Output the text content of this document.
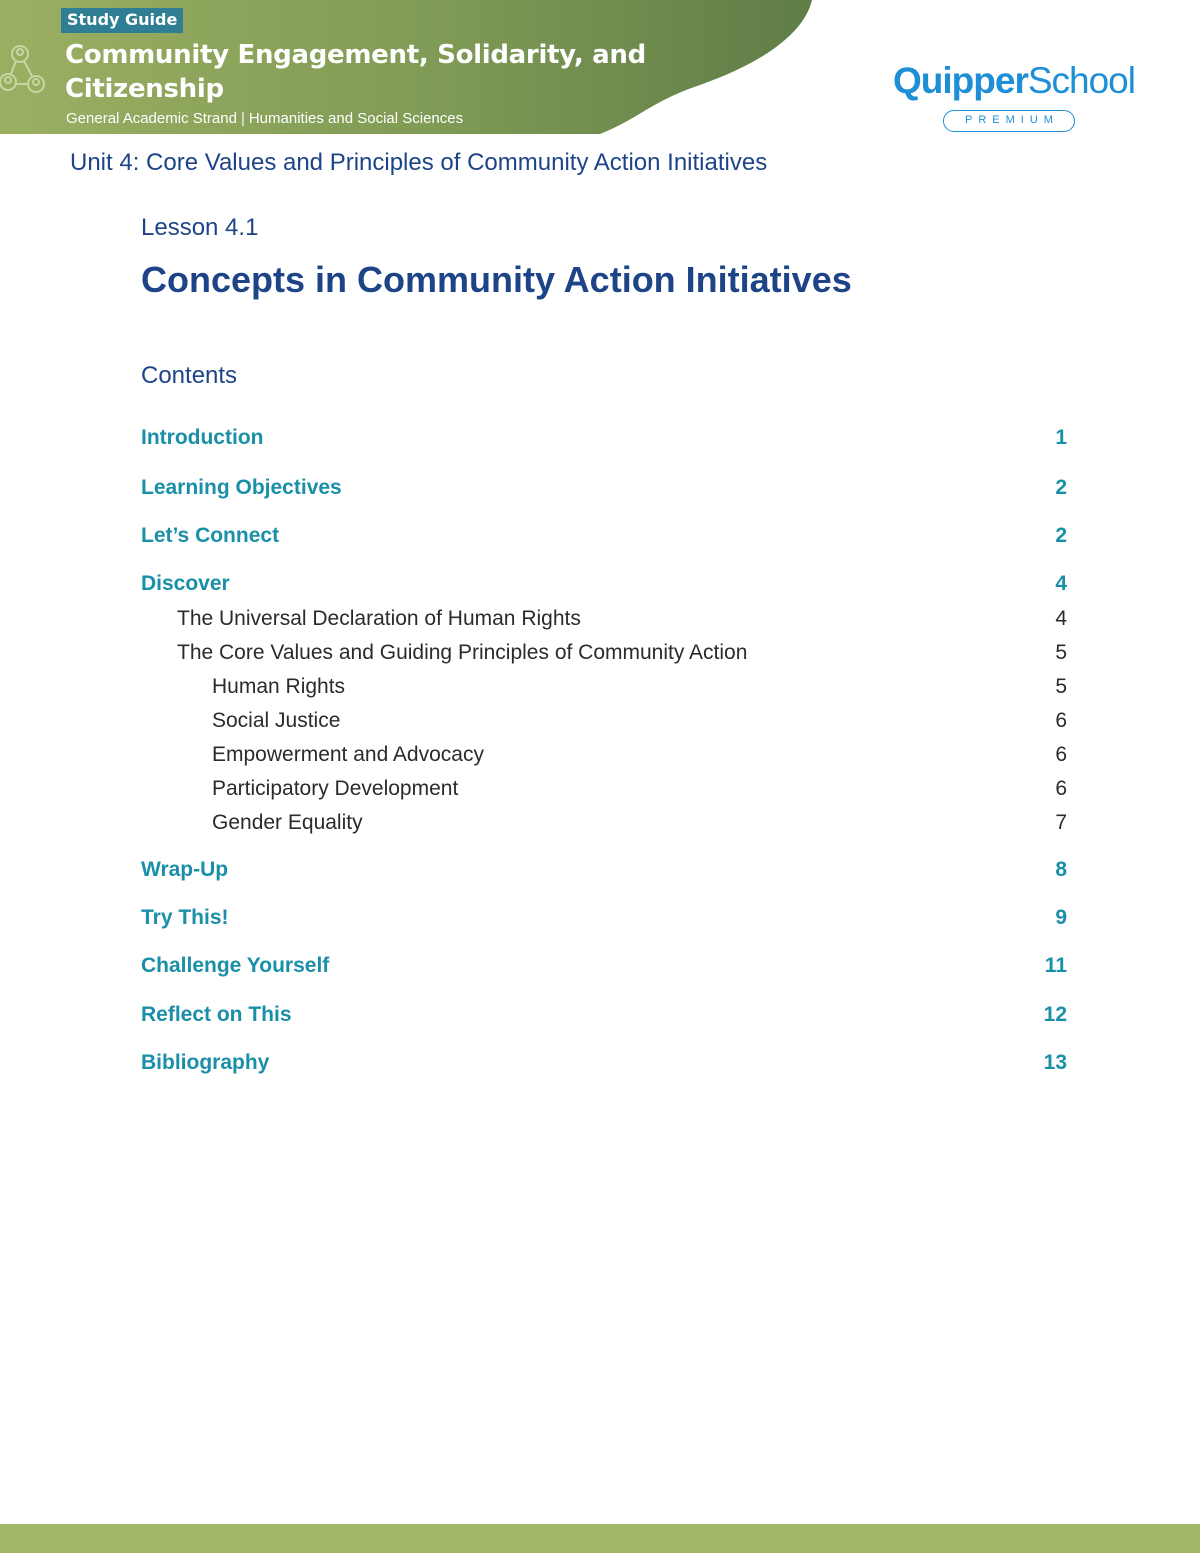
Study Guide
Community Engagement, Solidarity, and Citizenship
General Academic Strand | Humanities and Social Sciences
QuipperSchool
PREMIUM
Unit 4: Core Values and Principles of Community Action Initiatives
Lesson 4.1
Concepts in Community Action Initiatives
Contents
Introduction	1
Learning Objectives	2
Let’s Connect	2
Discover	4
The Universal Declaration of Human Rights	4
The Core Values and Guiding Principles of Community Action	5
Human Rights	5
Social Justice	6
Empowerment and Advocacy	6
Participatory Development	6
Gender Equality	7
Wrap-Up	8
Try This!	9
Challenge Yourself	11
Reflect on This	12
Bibliography	13
